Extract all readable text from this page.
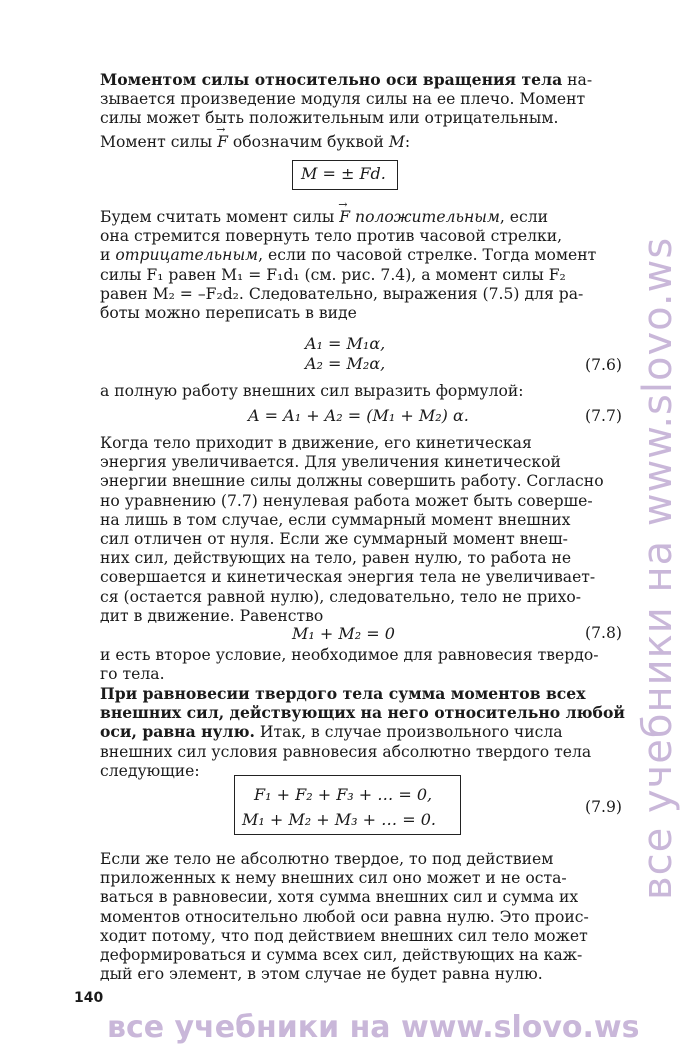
Моментом силы относительно оси вращения тела на-
зывается произведение модуля силы на ее плечо. Момент
силы может быть положительным или отрицательным.
Момент силы → F обозначим буквой M:
M = ± Fd.
Будем считать момент силы → F положительным, если
она стремится повернуть тело против часовой стрелки,
и отрицательным, если по часовой стрелке. Тогда момент
силы F₁ равен M₁ = F₁d₁ (см. рис. 7.4), а момент силы F₂
равен M₂ = –F₂d₂. Следовательно, выражения (7.5) для ра-
боты можно переписать в виде
A₁ = M₁α,
A₂ = M₂α,	(7.6)
а полную работу внешних сил выразить формулой:
A = A₁ + A₂ = (M₁ + M₂) α.	(7.7)
Когда тело приходит в движение, его кинетическая
энергия увеличивается. Для увеличения кинетической
энергии внешние силы должны совершить работу. Согласно
но уравнению (7.7) ненулевая работа может быть соверше-
на лишь в том случае, если суммарный момент внешних
сил отличен от нуля. Если же суммарный момент внеш-
них сил, действующих на тело, равен нулю, то работа не
совершается и кинетическая энергия тела не увеличивает-
ся (остается равной нулю), следовательно, тело не прихо-
дит в движение. Равенство
M₁ + M₂ = 0	(7.8)
и есть второе условие, необходимое для равновесия твердо-
го тела.
При равновесии твердого тела сумма моментов всех
внешних сил, действующих на него относительно любой
оси, равна нулю. Итак, в случае произвольного числа
внешних сил условия равновесия абсолютно твердого тела
следующие:
F₁ + F₂ + F₃ + … = 0,
M₁ + M₂ + M₃ + … = 0.
(7.9)
Если же тело не абсолютно твердое, то под действием
приложенных к нему внешних сил оно может и не оста-
ваться в равновесии, хотя сумма внешних сил и сумма их
моментов относительно любой оси равна нулю. Это проис-
ходит потому, что под действием внешних сил тело может
деформироваться и сумма всех сил, действующих на каж-
дый его элемент, в этом случае не будет равна нулю.
140
все учебники на www.slovo.ws
все учебники на www.slovo.ws
